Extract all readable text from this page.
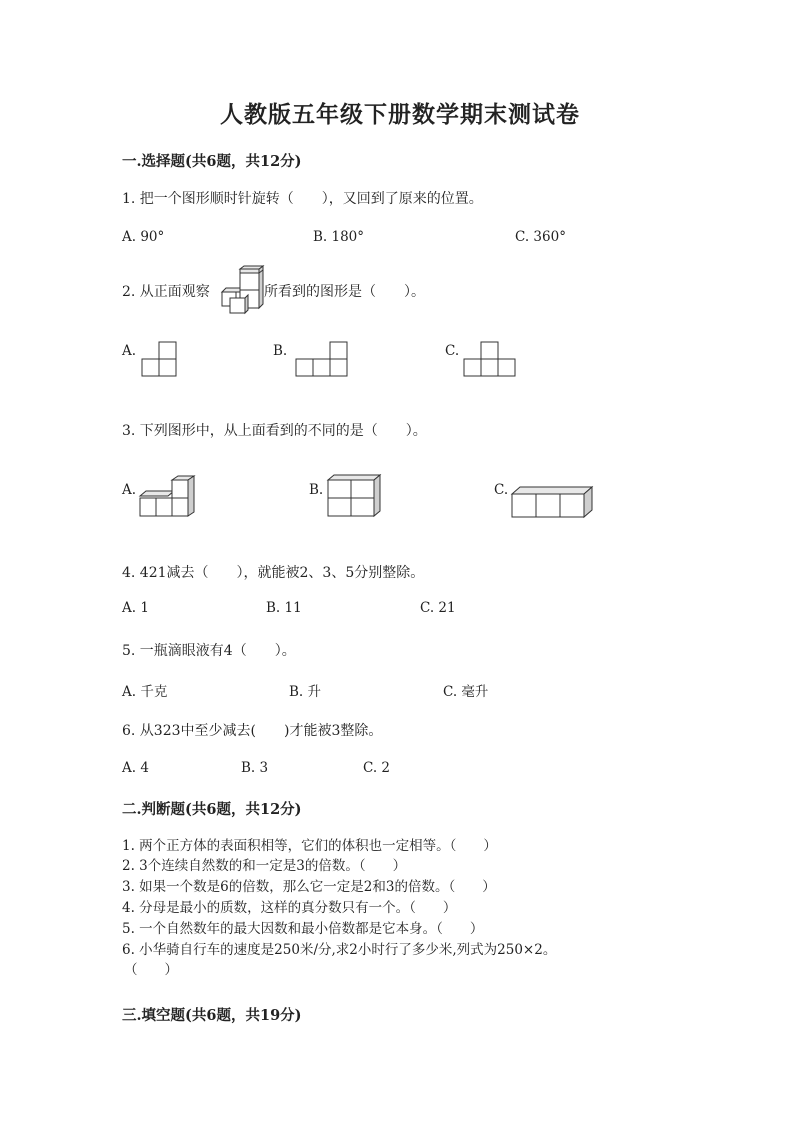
人教版五年级下册数学期末测试卷
一.选择题(共6题，共12分)
1. 把一个图形顺时针旋转（　　），又回到了原来的位置。
A. 90°	B. 180°	C. 360°
2. 从正面观察	所看到的图形是（　　）。
A.	B.	C.
3. 下列图形中，从上面看到的不同的是（　　）。
A.	B.	C.
4. 421减去（　　），就能被2、3、5分别整除。
A. 1	B. 11	C. 21
5. 一瓶滴眼液有4（　　）。
A. 千克	B. 升	C. 毫升
6. 从323中至少减去(　　)才能被3整除。
A. 4	B. 3	C. 2
二.判断题(共6题，共12分)
1. 两个正方体的表面积相等，它们的体积也一定相等。（　　）
2. 3个连续自然数的和一定是3的倍数。（　　）
3. 如果一个数是6的倍数，那么它一定是2和3的倍数。（　　）
4. 分母是最小的质数，这样的真分数只有一个。（　　）
5. 一个自然数年的最大因数和最小倍数都是它本身。（　　）
6. 小华骑自行车的速度是250米/分,求2小时行了多少米,列式为250×2。
（　　）
三.填空题(共6题，共19分)
